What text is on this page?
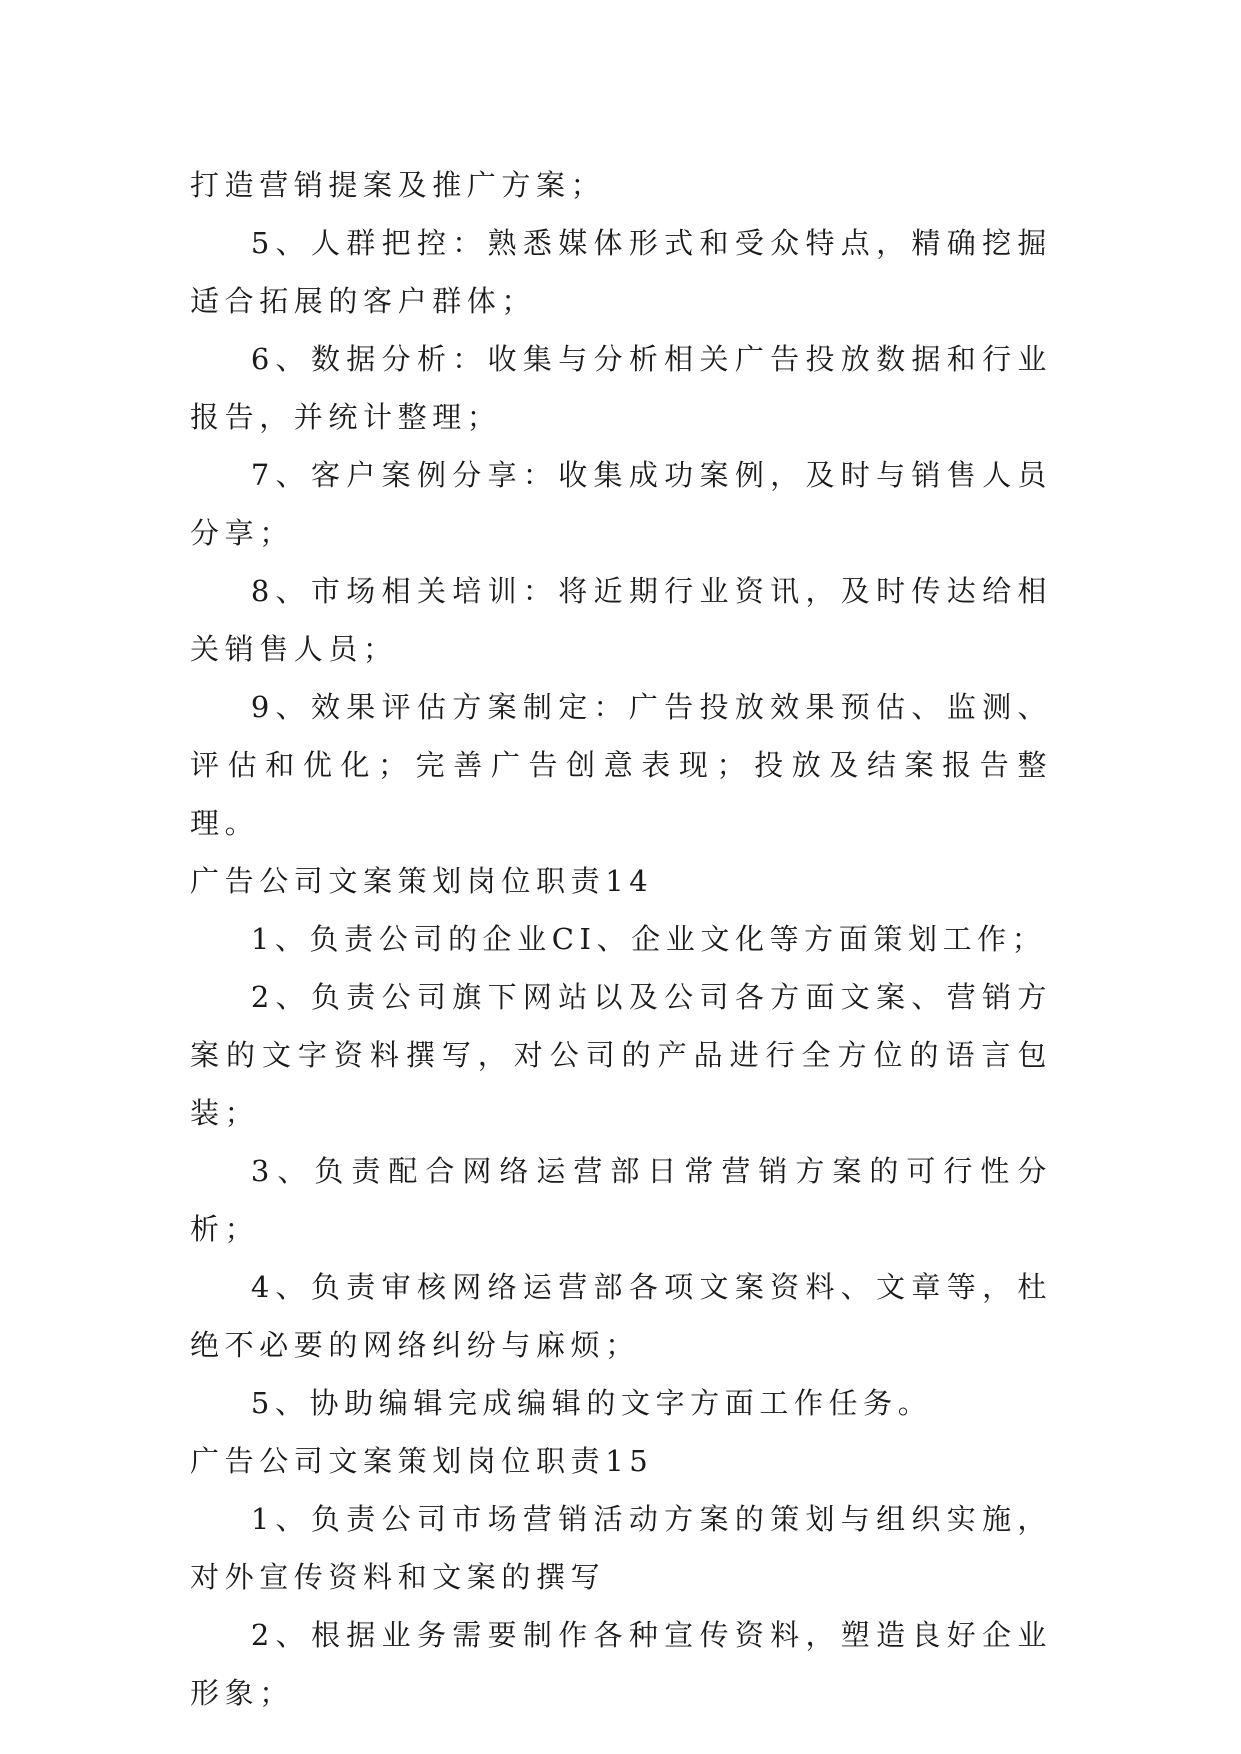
打造营销提案及推广方案；

5、人群把控：熟悉媒体形式和受众特点，精确挖掘适合拓展的客户群体；

6、数据分析：收集与分析相关广告投放数据和行业报告，并统计整理；

7、客户案例分享：收集成功案例，及时与销售人员分享；

8、市场相关培训：将近期行业资讯，及时传达给相关销售人员；

9、效果评估方案制定：广告投放效果预估、监测、评估和优化；完善广告创意表现；投放及结案报告整理。

广告公司文案策划岗位职责14

1、负责公司的企业CI、企业文化等方面策划工作；

2、负责公司旗下网站以及公司各方面文案、营销方案的文字资料撰写，对公司的产品进行全方位的语言包装；

3、负责配合网络运营部日常营销方案的可行性分析；

4、负责审核网络运营部各项文案资料、文章等，杜绝不必要的网络纠纷与麻烦；

5、协助编辑完成编辑的文字方面工作任务。

广告公司文案策划岗位职责15

1、负责公司市场营销活动方案的策划与组织实施，对外宣传资料和文案的撰写

2、根据业务需要制作各种宣传资料，塑造良好企业形象；
